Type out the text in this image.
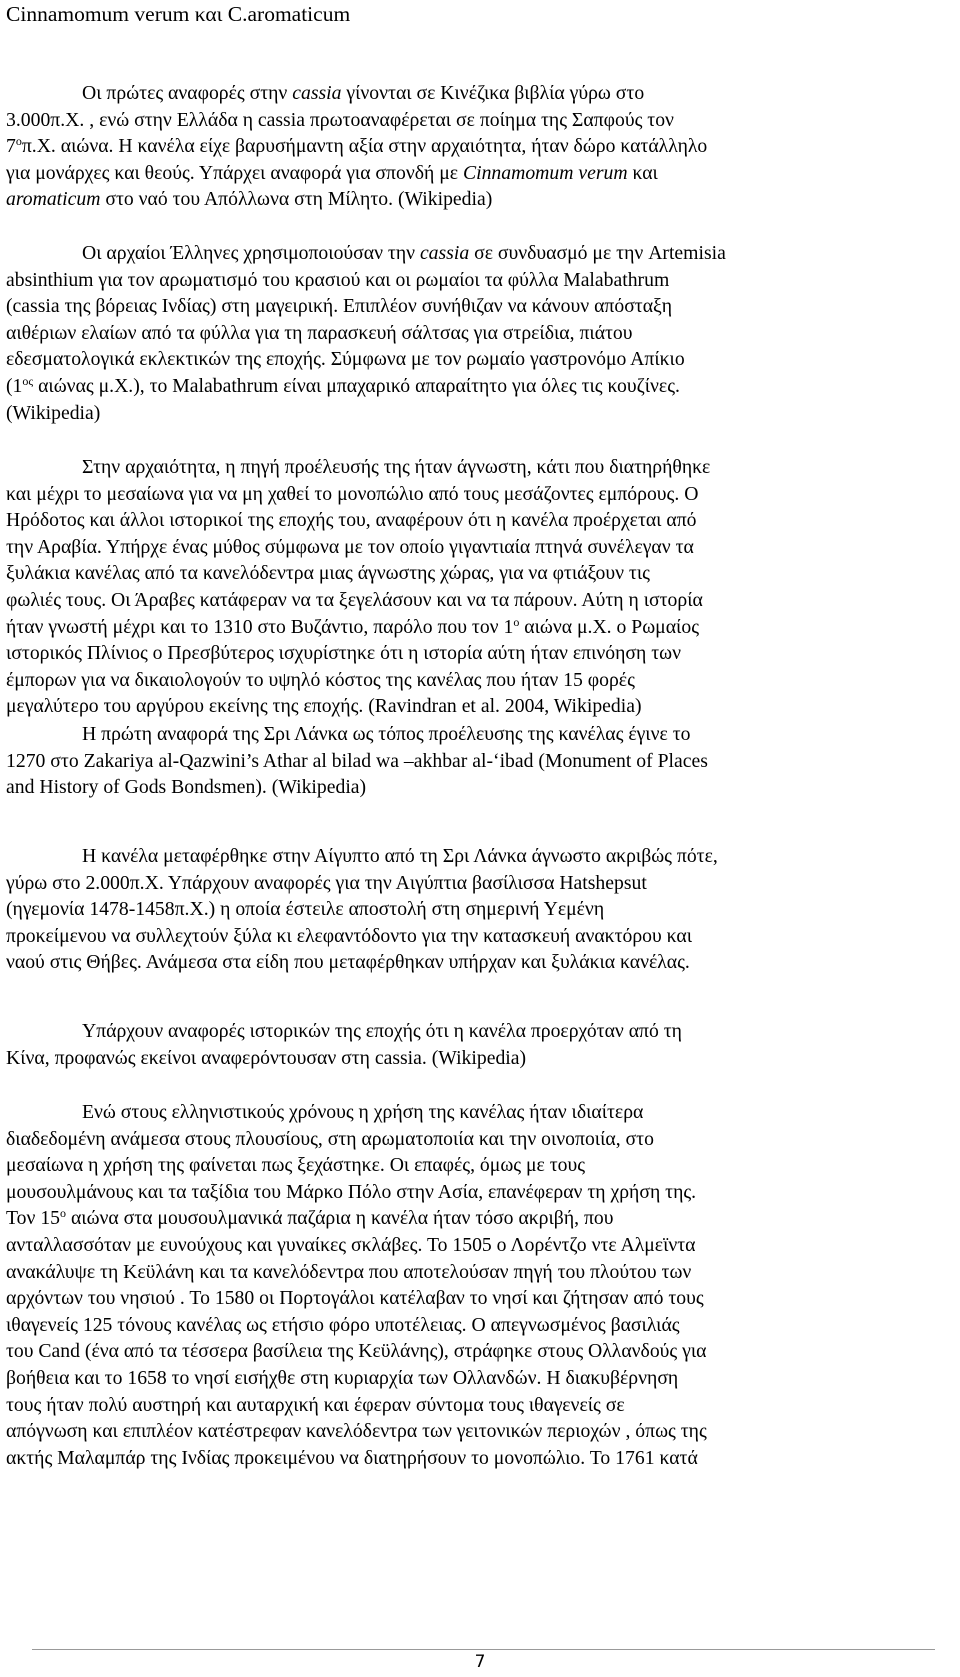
Cinnamomum verum και C.aromaticum
Οι πρώτες αναφορές στην cassia γίνονται σε Κινέζικα βιβλία γύρω στο
3.000π.Χ. , ενώ στην Ελλάδα η cassia πρωτοαναφέρεται σε ποίημα της Σαπφούς τον
$7^o\pi.X$. αιώνα. Η κανέλα είχε βαρυσήμαντη αξία στην αρχαιότητα, ήταν δώρο κατάλληλο
για μονάρχες και θεούς. Υπάρχει αναφορά για σπονδή με Cinnamomum verum και
aromaticum στο ναό του Απόλλωνα στη Μίλητο. (Wikipedia)
Οι αρχαίοι Έλληνες χρησιμοποιούσαν την cassia σε συνδυασμό με την Artemisia
absinthium για τον αρωματισμό του κρασιού και οι ρωμαίοι τα φύλλα Malabathrum
(cassia της βόρειας Ινδίας) στη μαγειρική. Επιπλέον συνήθιζαν να κάνουν απόσταξη
αιθέριων ελαίων από τα φύλλα για τη παρασκευή σάλτσας για στρείδια, πιάτου
εδεσματολογικά εκλεκτικών της εποχής. Σύμφωνα με τον ρωμαίο γαστρονόμο Απίκιο
($1^{o\varsigma}$ αιώνας μ.Χ.), το Malabathrum είναι μπαχαρικό απαραίτητο για όλες τις κουζίνες.
(Wikipedia)
Στην αρχαιότητα, η πηγή προέλευσής της ήταν άγνωστη, κάτι που διατηρήθηκε
και μέχρι το μεσαίωνα για να μη χαθεί το μονοπώλιο από τους μεσάζοντες εμπόρους. Ο
Ηρόδοτος και άλλοι ιστορικοί της εποχής του, αναφέρουν ότι η κανέλα προέρχεται από
την Αραβία. Υπήρχε ένας μύθος σύμφωνα με τον οποίο γιγαντιαία πτηνά συνέλεγαν τα
ξυλάκια κανέλας από τα κανελόδεντρα μιας άγνωστης χώρας, για να φτιάξουν τις
φωλιές τους. Οι Άραβες κατάφεραν να τα ξεγελάσουν και να τα πάρουν. Αύτη η ιστορία
ήταν γνωστή μέχρι και το 1310 στο Βυζάντιο, παρόλο που τον $1^o$ αιώνα μ.Χ. ο Ρωμαίος
ιστορικός Πλίνιος ο Πρεσβύτερος ισχυρίστηκε ότι η ιστορία αύτη ήταν επινόηση των
έμπορων για να δικαιολογούν το υψηλό κόστος της κανέλας που ήταν 15 φορές
μεγαλύτερο του αργύρου εκείνης της εποχής. (Ravindran et al. 2004, Wikipedia)
Η πρώτη αναφορά της Σρι Λάνκα ως τόπος προέλευσης της κανέλας έγινε το
1270 στο Zakariya al-Qazwini’s Athar al bilad wa –akhbar al-‘ibad (Monument of Places
and History of Gods Bondsmen). (Wikipedia)
Η κανέλα μεταφέρθηκε στην Αίγυπτο από τη Σρι Λάνκα άγνωστο ακριβώς πότε,
γύρω στο 2.000π.Χ. Υπάρχουν αναφορές για την Αιγύπτια βασίλισσα Hatshepsut
(ηγεμονία 1478-1458π.Χ.) η οποία έστειλε αποστολή στη σημερινή Υεμένη
προκείμενου να συλλεχτούν ξύλα κι ελεφαντόδοντο για την κατασκευή ανακτόρου και
ναού στις Θήβες. Ανάμεσα στα είδη που μεταφέρθηκαν υπήρχαν και ξυλάκια κανέλας.
Υπάρχουν αναφορές ιστορικών της εποχής ότι η κανέλα προερχόταν από τη
Κίνα, προφανώς εκείνοι αναφερόντουσαν στη cassia. (Wikipedia)
Ενώ στους ελληνιστικούς χρόνους η χρήση της κανέλας ήταν ιδιαίτερα
διαδεδομένη ανάμεσα στους πλουσίους, στη αρωματοποιία και την οινοποιία, στο
μεσαίωνα η χρήση της φαίνεται πως ξεχάστηκε. Οι επαφές, όμως με τους
μουσουλμάνους και τα ταξίδια του Μάρκο Πόλο στην Ασία, επανέφεραν τη χρήση της.
Τον $15^o$ αιώνα στα μουσουλμανικά παζάρια η κανέλα ήταν τόσο ακριβή, που
ανταλλασσόταν με ευνούχους και γυναίκες σκλάβες. Το 1505 ο Λορέντζο ντε Αλμεϊντα
ανακάλυψε τη Κεϋλάνη και τα κανελόδεντρα που αποτελούσαν πηγή του πλούτου των
αρχόντων του νησιού . Το 1580 οι Πορτογάλοι κατέλαβαν το νησί και ζήτησαν από τους
ιθαγενείς 125 τόνους κανέλας ως ετήσιο φόρο υποτέλειας. Ο απεγνωσμένος βασιλιάς
του Cand (ένα από τα τέσσερα βασίλεια της Κεϋλάνης), στράφηκε στους Ολλανδούς για
βοήθεια και το 1658 το νησί εισήχθε στη κυριαρχία των Ολλανδών. Η διακυβέρνηση
τους ήταν πολύ αυστηρή και αυταρχική και έφεραν σύντομα τους ιθαγενείς σε
απόγνωση και επιπλέον κατέστρεφαν κανελόδεντρα των γειτονικών περιοχών , όπως της
ακτής Μαλαμπάρ της Ινδίας προκειμένου να διατηρήσουν το μονοπώλιο. Το 1761 κατά
7
